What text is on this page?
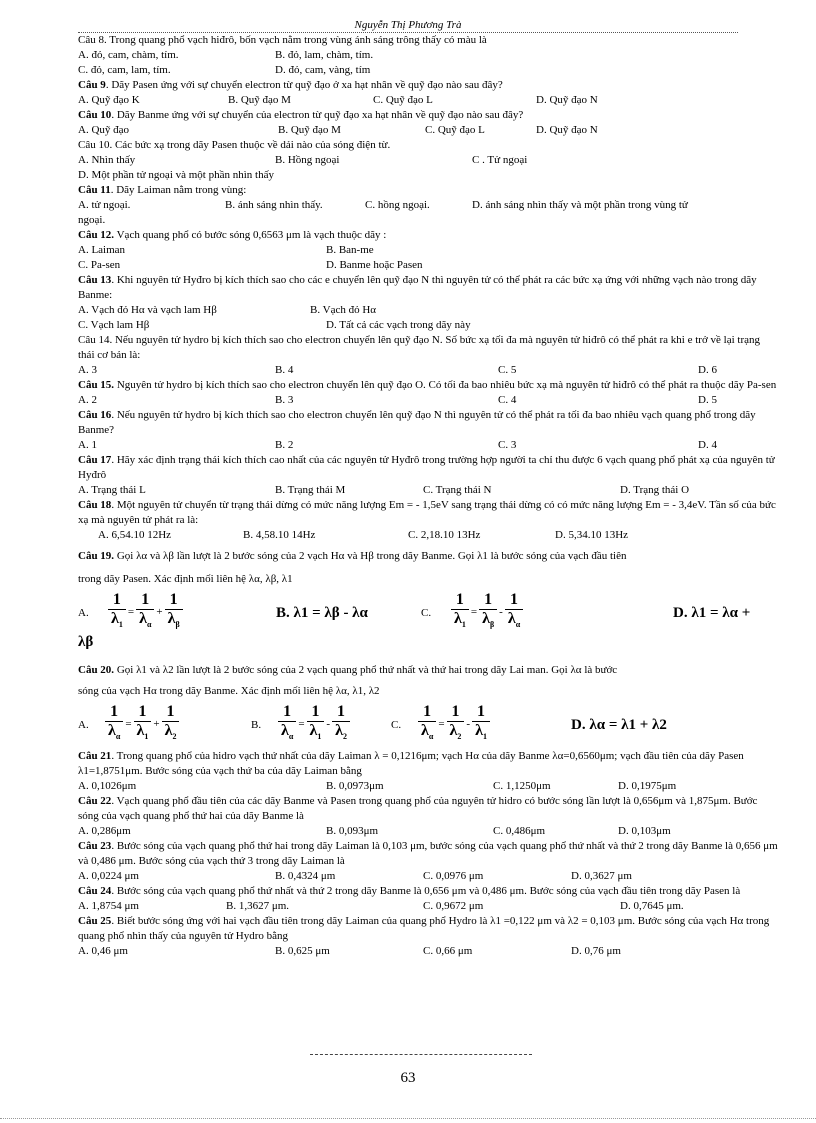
Nguyễn Thị Phương Trà
Câu 8. Trong quang phổ vạch hiđrô, bốn vạch nằm trong vùng ánh sáng trông thấy có màu là
A. đỏ, cam, chàm, tím.	B. đỏ, lam, chàm, tím.
C. đỏ, cam, lam, tím.	D. đỏ, cam, vàng, tím
Câu 9. Dãy Pasen ứng với sự chuyển electron từ quỹ đạo ở xa hạt nhân về quỹ đạo nào sau đây?
A. Quỹ đạo K	B. Quỹ đạo M	C. Quỹ đạo L	D. Quỹ đạo N
Câu 10. Dãy Banme ứng với sự chuyển của electron từ quỹ đạo xa hạt nhân về quỹ đạo nào sau đây?
A. Quỹ đạo	B. Quỹ đạo M	C. Quỹ đạo L	D. Quỹ đạo N
Câu 10. Các bức xạ trong dãy Pasen thuộc về dải nào của sóng điện từ.
A. Nhìn thấy	B. Hồng ngoại	C . Tử ngoại
D. Một phần tử ngoại và một phần nhìn thấy
Câu 11. Dãy Laiman nằm trong vùng:
A. tử ngoại.	B. ánh sáng nhìn thấy.	C. hồng ngoại.	D. ánh sáng nhìn thấy và một phần trong vùng tử
ngoại.
Câu 12. Vạch quang phổ có bước sóng 0,6563 μm là vạch thuộc dãy :
A. Laiman	B. Ban-me
C. Pa-sen	D. Banme hoặc Pasen
Câu 13. Khi nguyên tử Hyđro bị kích thích sao cho các e chuyển lên quỹ đạo N thì nguyên tử có thể phát ra các bức xạ ứng với những vạch nào trong dãy Banme:
A. Vạch đỏ Hα và vạch lam Hβ	B. Vạch đỏ Hα
C. Vạch lam Hβ	D. Tất cả các vạch trong dãy này
Câu 14. Nếu nguyên tử hydro bị kích thích sao cho electron chuyển lên quỹ đạo N. Số bức xạ tối đa mà nguyên tử hiđrô có thể phát ra khi e trở về lại trạng thái cơ bản là:
A. 3	B. 4	C. 5	D. 6
Câu 15. Nguyên tử hydro bị kích thích sao cho electron chuyển lên quỹ đạo O. Có tối đa bao nhiêu bức xạ mà nguyên tử hiđrô có thể phát ra thuộc dãy Pa-sen
A. 2	B. 3	C. 4	D. 5
Câu 16. Nếu nguyên tử hydro bị kích thích sao cho electron chuyển lên quỹ đạo N thì nguyên tử có thể phát ra tối đa bao nhiêu vạch quang phổ trong dãy Banme?
A. 1	B. 2	C. 3	D. 4
Câu 17. Hãy xác định trạng thái kích thích cao nhất của các nguyên tử Hyđrô trong trường hợp người ta chỉ thu được 6 vạch quang phổ phát xạ của nguyên tử Hyđrô
A. Trạng thái L	B. Trạng thái M	C. Trạng thái N	D. Trạng thái O
Câu 18. Một nguyên tử chuyển từ trạng thái dừng có mức năng lượng Em = - 1,5eV sang trạng thái dừng có có mức năng lượng Em = - 3,4eV. Tần số của bức xạ mà nguyên tử phát ra là:
A. 6,54.10 12Hz	B. 4,58.10 14Hz	C. 2,18.10 13Hz	D. 5,34.10 13Hz
Câu 19. Gọi λα và λβ lần lượt là 2 bước sóng của 2 vạch Hα và Hβ trong dãy Banme. Gọi λ1 là bước sóng của vạch đầu tiên
trong dãy Pasen. Xác định mối liên hệ λα, λβ, λ1
A.	$\frac{1}{\lambda_1} = \frac{1}{\lambda_\alpha} + \frac{1}{\lambda_\beta}$	B. λ1 = λβ - λα	C.	$\frac{1}{\lambda_1} = \frac{1}{\lambda_\beta} - \frac{1}{\lambda_\alpha}$	D. λ1 = λα +
λβ
Câu 20. Gọi λ1 và λ2 lần lượt là 2 bước sóng của 2 vạch quang phổ thứ nhất và thứ hai trong dãy Lai man. Gọi λα là bước
sóng của vạch Hα trong dãy Banme. Xác định mối liên hệ λα, λ1, λ2
A.	$\frac{1}{\lambda_\alpha} = \frac{1}{\lambda_1} + \frac{1}{\lambda_2}$	B.	$\frac{1}{\lambda_\alpha} = \frac{1}{\lambda_1} - \frac{1}{\lambda_2}$	C.	$\frac{1}{\lambda_\alpha} = \frac{1}{\lambda_2} - \frac{1}{\lambda_1}$	D. λα = λ1 + λ2
Câu 21. Trong quang phổ của hidro vạch thứ nhất của dãy Laiman λ = 0,1216μm; vạch Hα của dãy Banme λα=0,6560μm; vạch đầu tiên của dãy Pasen λ1=1,8751μm. Bước sóng của vạch thứ ba của dãy Laiman bằng
A. 0,1026μm	B. 0,0973μm	C. 1,1250μm	D. 0,1975μm
Câu 22. Vạch quang phổ đầu tiên của các dãy Banme và Pasen trong quang phổ của nguyên tử hidro có bước sóng lần lượt là 0,656μm và 1,875μm. Bước sóng của vạch quang phổ thứ hai của dãy Banme là
A. 0,286μm	B. 0,093μm	C. 0,486μm	D. 0,103μm
Câu 23. Bước sóng của vạch quang phổ thứ hai trong dãy Laiman là 0,103 μm, bước sóng của vạch quang phổ thứ nhất và thứ 2 trong dãy Banme là 0,656 μm và 0,486 μm. Bước sóng của vạch thứ 3 trong dãy Laiman là
A. 0,0224 μm	B. 0,4324 μm	C. 0,0976 μm	D. 0,3627 μm
Câu 24. Bước sóng của vạch quang phổ thứ nhất và thứ 2 trong dãy Banme là 0,656 μm và 0,486 μm. Bước sóng của vạch đầu tiên trong dãy Pasen là
A. 1,8754 μm	B. 1,3627 μm.	C. 0,9672 μm	D. 0,7645 μm.
Câu 25. Biết bước sóng ứng với hai vạch đầu tiên trong dãy Laiman của quang phổ Hydro là λ1 =0,122 μm và λ2 = 0,103 μm. Bước sóng của vạch Hα trong quang phổ nhìn thấy của nguyên tử Hydro bằng
A. 0,46 μm	B. 0,625 μm	C. 0,66 μm	D. 0,76 μm
63
